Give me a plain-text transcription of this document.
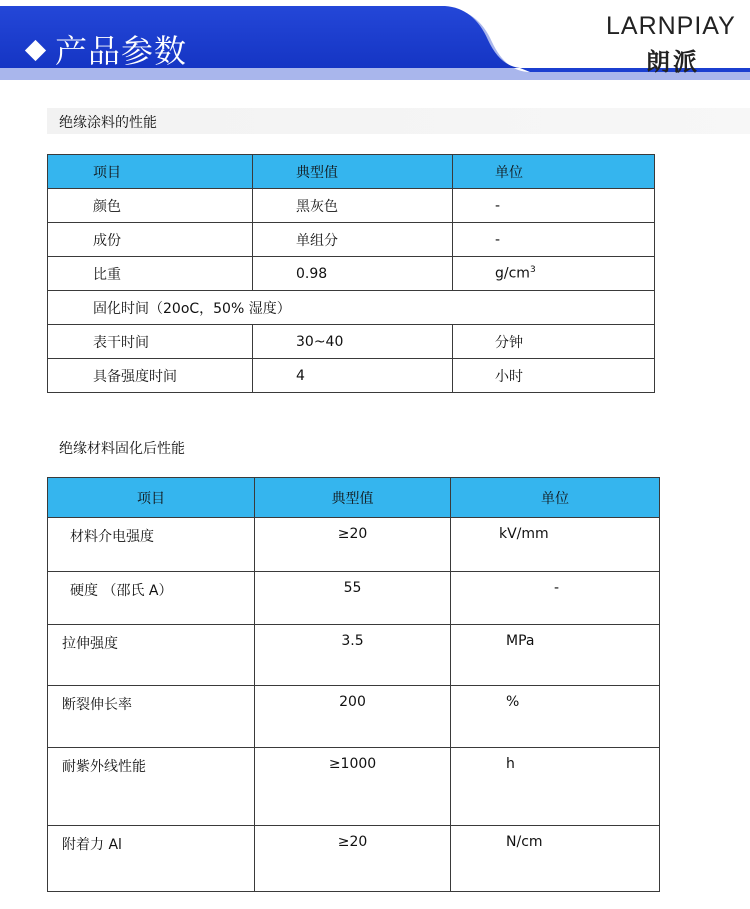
产品参数
LARNPIAY
朗派
绝缘涂料的性能
项目	典型值	单位
颜色	黑灰色	-
成份	单组分	-
比重	0.98	$g/cm^3$
固化时间（20oC，50% 湿度）		
表干时间	30~40	分钟
具备强度时间	4	小时
绝缘材料固化后性能
项目	典型值	单位

材料介电强度	≥20	kV/mm

硬度 （邵氏 A）	55	-

拉伸强度	3.5	MPa

断裂伸长率	200	%

耐紫外线性能	≥1000	h

附着力 Al	≥20	N/cm
